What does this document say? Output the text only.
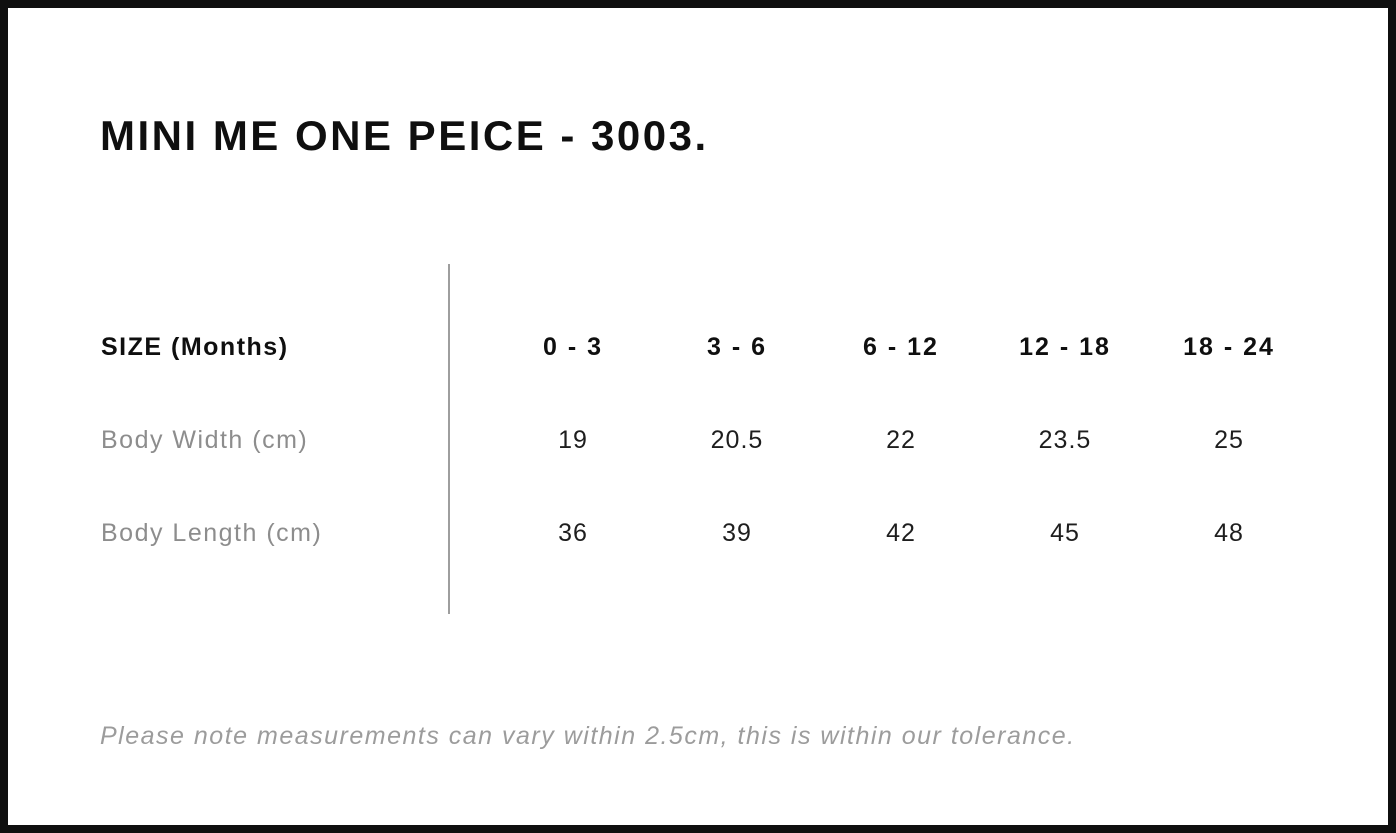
MINI ME ONE PEICE - 3003.
SIZE (Months)	0 - 3	3 - 6	6 - 12	12 - 18	18 - 24
Body Width (cm)	19	20.5	22	23.5	25
Body Length (cm)	36	39	42	45	48

Please note measurements can vary within 2.5cm, this is within our tolerance.
